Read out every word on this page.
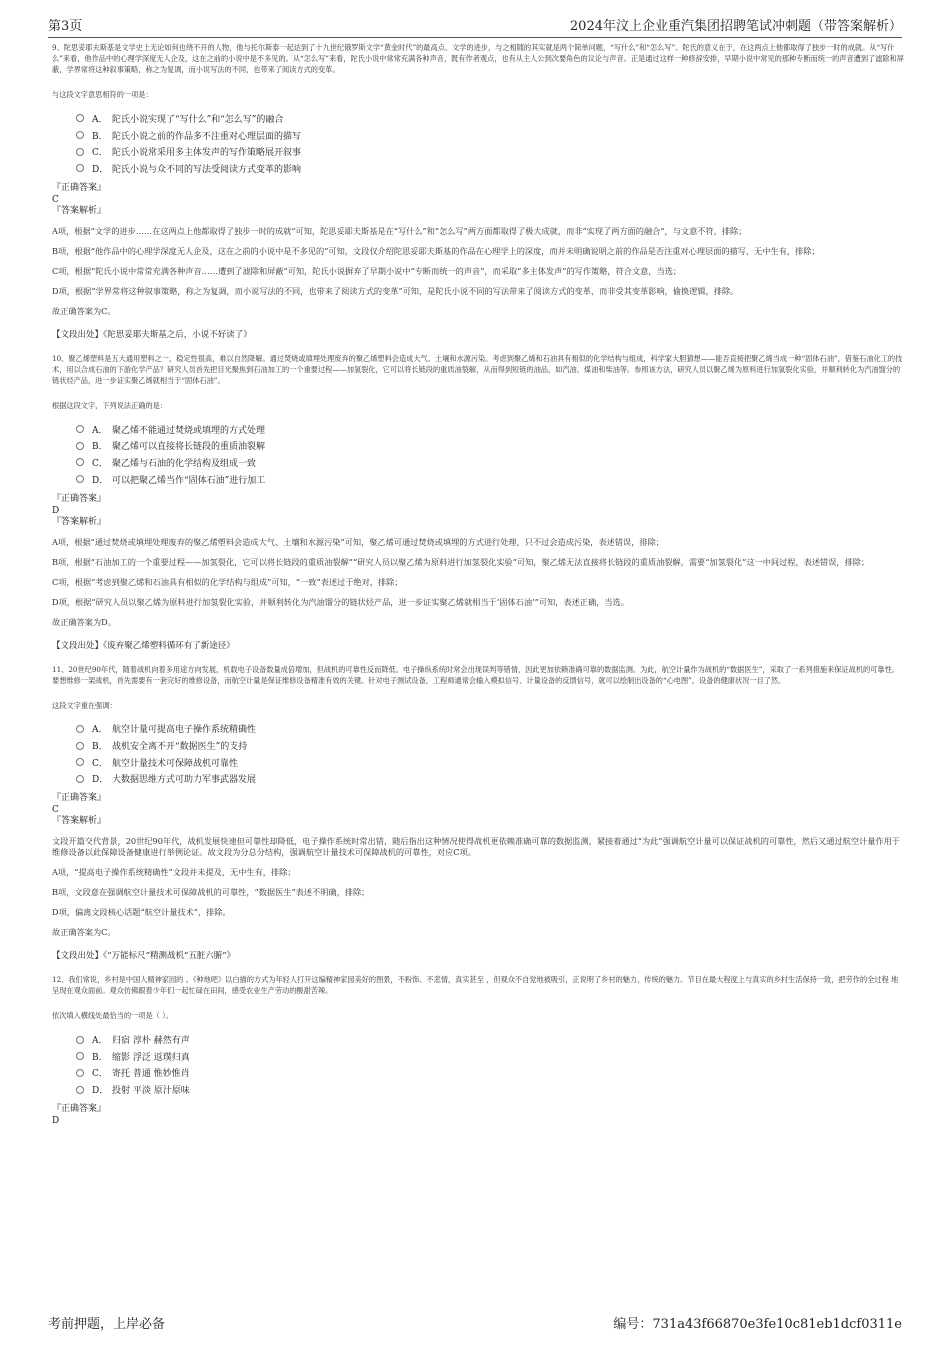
第3页	2024年汶上企业重汽集团招聘笔试冲刺题（带答案解析）

9、陀思妥耶夫斯基是文学史上无论如何也绕不开的人物，他与托尔斯泰一起达到了十九世纪俄罗斯文学“黄金时代”的最高点。文学的进步，与之相随的其实就是两个简单问题，“写什么”和“怎么写”。陀氏的意义在于，在这两点上他都取得了独步一时的成就。从“写什么”来看，他作品中的心理学深度无人企及，这在之前的小说中是不多见的。从“怎么写”来看，陀氏小说中常常充满各种声音，既有作者观点，也有从主人公到次要角色的议论与声音。正是通过这样一种修辞安排，早期小说中常见的那种专断而统一的声音遭到了滤除和屏蔽，学界常将这种叙事策略，称之为复调，而小说写法的不同，也带来了阅读方式的变革。

与这段文字意思相符的一项是：

A． 陀氏小说实现了“写什么”和“怎么写”的融合
B． 陀氏小说之前的作品多不注重对心理层面的描写
C． 陀氏小说常采用多主体发声的写作策略展开叙事
D． 陀氏小说与众不同的写法受阅读方式变革的影响

『正确答案』

C

『答案解析』

A项，根据“文学的进步……在这两点上他都取得了独步一时的成就”可知，陀思妥耶夫斯基是在“写什么”和“怎么写”两方面都取得了极大成就，而非“实现了两方面的融合”，与文意不符，排除；

B项，根据“他作品中的心理学深度无人企及，这在之前的小说中是不多见的”可知，文段仅介绍陀思妥耶夫斯基的作品在心理学上的深度，而并未明确说明之前的作品是否注重对心理层面的描写，无中生有，排除；

C项，根据“陀氏小说中常常充满各种声音……遭到了滤除和屏蔽”可知，陀氏小说摒弃了早期小说中“专断而统一的声音”，而采取“多主体发声”的写作策略，符合文意，当选；

D项，根据“学界常将这种叙事策略，称之为复调，而小说写法的不同，也带来了阅读方式的变革”可知，是陀氏小说不同的写法带来了阅读方式的变革，而非受其变革影响，偷换逻辑，排除。

故正确答案为C。

【文段出处】《陀思妥耶夫斯基之后，小说不好读了》

10、聚乙烯塑料是五大通用塑料之一，稳定性很高，难以自然降解。通过焚烧或填埋处理废弃的聚乙烯塑料会造成大气、土壤和水源污染。考虑到聚乙烯和石油具有相似的化学结构与组成，科学家大胆猜想——能否直接把聚乙烯当成一种“固体石油”，借鉴石油化工的技术，用以合成石油的下游化学产品？研究人员首先把目光聚焦到石油加工的一个重要过程——加氢裂化，它可以将长链段的重质油裂解，从而得到短链的油品，如汽油、煤油和柴油等。参照该方法，研究人员以聚乙烯为原料进行加氢裂化实验，并顺利转化为汽油馏分的链状烃产品，进一步证实聚乙烯就相当于“固体石油”。

根据这段文字，下列说法正确的是：

A． 聚乙烯不能通过焚烧或填埋的方式处理
B． 聚乙烯可以直接将长链段的重质油裂解
C． 聚乙烯与石油的化学结构及组成一致
D． 可以把聚乙烯当作“固体石油”进行加工

『正确答案』

D

『答案解析』

A项，根据“通过焚烧或填埋处理废弃的聚乙烯塑料会造成大气、土壤和水源污染”可知，聚乙烯可通过焚烧或填埋的方式进行处理，只不过会造成污染，表述错误，排除；

B项，根据“石油加工的一个重要过程——加氢裂化，它可以将长链段的重质油裂解”“研究人员以聚乙烯为原料进行加氢裂化实验”可知，聚乙烯无法直接将长链段的重质油裂解，需要“加氢裂化”这一中间过程，表述错误，排除；

C项，根据“考虑到聚乙烯和石油具有相似的化学结构与组成”可知，“一致”表述过于绝对，排除；

D项，根据“研究人员以聚乙烯为原料进行加氢裂化实验，并顺利转化为汽油馏分的链状烃产品，进一步证实聚乙烯就相当于‘固体石油’”可知，表述正确，当选。

故正确答案为D。

【文段出处】《废弃聚乙烯塑料循环有了新途径》

11、20世纪90年代，随着战机向着多用途方向发展，机载电子设备数量成倍增加，但战机的可靠性反而降低。电子操纵系统时常会出现误判等错情，因此更加依赖准确可靠的数据监测。为此，航空计量作为战机的“数据医生”，采取了一系列措施来保证战机的可靠性。要想维修一架战机，首先需要有一套完好的维修设备，而航空计量是保证维修设备精准有效的关键。针对电子测试设备，工程师通常会输入模拟信号、计量设备的反馈信号，就可以绘制出设备的“心电图”，设备的健康状况一目了然。

这段文字重在强调：

A． 航空计量可提高电子操作系统精确性
B． 战机安全离不开“数据医生”的支持
C． 航空计量技术可保障战机可靠性
D． 大数据思维方式可助力军事武器发展

『正确答案』

C

『答案解析』

文段开篇交代背景，20世纪90年代，战机发展快速但可靠性却降低，电子操作系统时常出错，随后指出这种情况使得战机更依赖准确可靠的数据监测，紧接着通过“为此”强调航空计量可以保证战机的可靠性，然后又通过航空计量作用于维修设备以此保障设备健康进行举例论证。故文段为分总分结构，强调航空计量技术可保障战机的可靠性，对应C项。

A项，“提高电子操作系统精确性”文段并未提及，无中生有，排除；

B项，文段意在强调航空计量技术可保障战机的可靠性，“数据医生”表述不明确，排除；

D项，偏离文段核心话题“航空计量技术”，排除。

故正确答案为C。

【文段出处】《“万能标尺”精测战机“五脏六腑”》

12、我们常说，乡村是中国人精神家园的 。《种地吧》以白描的方式为年轻人打开这编精神家园美好的图景，不粉饰、不悲情，真实甚至 ，但观众不自觉地被吸引，正说明了乡村的魅力，传统的魅力。节目在最大程度上与真实的乡村生活保持一致，把劳作的全过程 地呈现在观众面前。观众仿佛跟着少年们一起忙碌在田间，感受农业生产劳动的酸甜苦辣。

依次填入横线处最恰当的一项是（ ）。

A． 归宿 淳朴 赫然有声
B． 缩影 浮泛 返璞归真
C． 寄托 普通 惟妙惟肖
D． 投射 平淡 原汁原味

『正确答案』

D

考前押题，上岸必备	编号：731a43f66870e3fe10c81eb1dcf0311e
